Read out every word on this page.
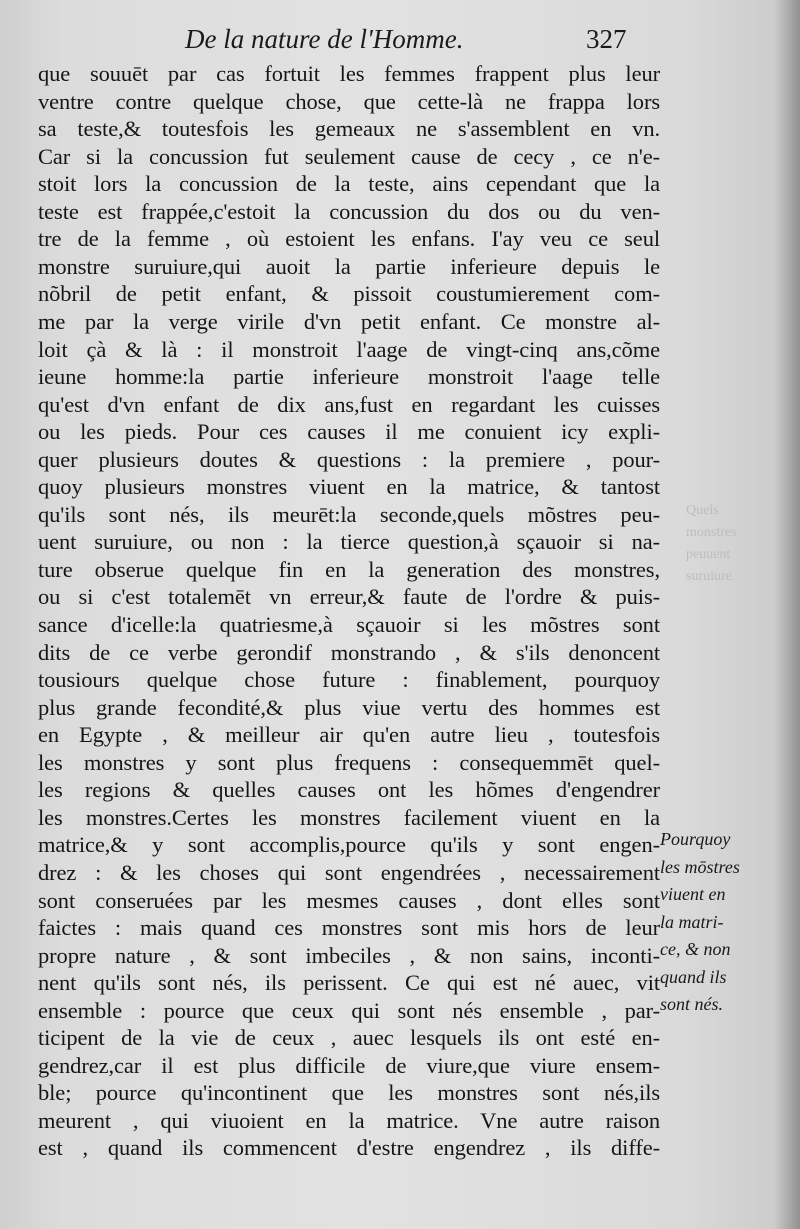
De la nature de l'Homme.	327
Quels
monstres
peuuent
suruiure.
que souuēt par cas fortuit les femmes frappent plus leur
ventre contre quelque chose, que cette-là ne frappa lors
sa teste,& toutesfois les gemeaux ne s'assemblent en vn.
Car si la concussion fut seulement cause de cecy , ce n'e-
stoit lors la concussion de la teste, ains cependant que la
teste est frappée,c'estoit la concussion du dos ou du ven-
tre de la femme , où estoient les enfans. I'ay veu ce seul
monstre suruiure,qui auoit la partie inferieure depuis le
nõbril de petit enfant, & pissoit coustumierement com-
me par la verge virile d'vn petit enfant. Ce monstre al-
loit çà & là : il monstroit l'aage de vingt-cinq ans,cõme
ieune homme:la partie inferieure monstroit l'aage telle
qu'est d'vn enfant de dix ans,fust en regardant les cuisses
ou les pieds. Pour ces causes il me conuient icy expli-
quer plusieurs doutes & questions : la premiere , pour-
quoy plusieurs monstres viuent en la matrice, & tantost
qu'ils sont nés, ils meurēt:la seconde,quels mõstres peu-
uent suruiure, ou non : la tierce question,à sçauoir si na-
ture obserue quelque fin en la generation des monstres,
ou si c'est totalemēt vn erreur,& faute de l'ordre & puis-
sance d'icelle:la quatriesme,à sçauoir si les mõstres sont
dits de ce verbe gerondif monstrando , & s'ils denoncent
tousiours quelque chose future : finablement, pourquoy
plus grande fecondité,& plus viue vertu des hommes est
en Egypte , & meilleur air qu'en autre lieu , toutesfois
les monstres y sont plus frequens : consequemmēt quel-
les regions & quelles causes ont les hõmes d'engendrer
les monstres.Certes les monstres facilement viuent en la
matrice,& y sont accomplis,pource qu'ils y sont engen-
drez : & les choses qui sont engendrées , necessairement
sont conseruées par les mesmes causes , dont elles sont
faictes : mais quand ces monstres sont mis hors de leur
propre nature , & sont imbeciles , & non sains, inconti-
nent qu'ils sont nés, ils perissent. Ce qui est né auec, vit
ensemble : pource que ceux qui sont nés ensemble , par-
ticipent de la vie de ceux , auec lesquels ils ont esté en-
gendrez,car il est plus difficile de viure,que viure ensem-
ble; pource qu'incontinent que les monstres sont nés,ils
meurent , qui viuoient en la matrice. Vne autre raison
est , quand ils commencent d'estre engendrez , ils diffe-
Pourquoy
les mōstres
viuent en
la matri-
ce, & non
quand ils
sont nés.
